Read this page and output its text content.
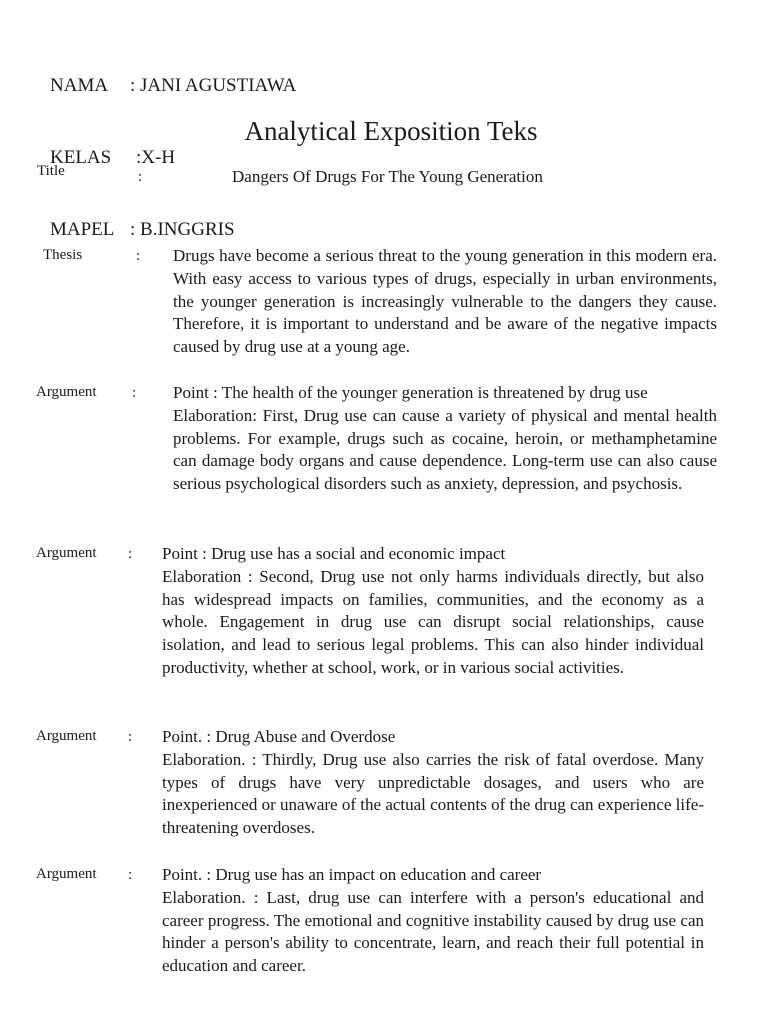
NAMA : JANI AGUSTIAWA

KELAS :X-H

MAPEL : B.INGGRIS

Analytical Exposition Teks
Title	:	Dangers Of Drugs For The Young Generation
Thesis	: Drugs have become a serious threat to the young generation in this modern era. With easy access to various types of drugs, especially in urban environments, the younger generation is increasingly vulnerable to the dangers they cause. Therefore, it is important to understand and be aware of the negative impacts caused by drug use at a young age.
Argument : Point : The health of the younger generation is threatened by drug use
Elaboration: First, Drug use can cause a variety of physical and mental health problems. For example, drugs such as cocaine, heroin, or methamphetamine can damage body organs and cause dependence. Long-term use can also cause serious psychological disorders such as anxiety, depression, and psychosis.
Argument : Point : Drug use has a social and economic impact
Elaboration : Second, Drug use not only harms individuals directly, but also has widespread impacts on families, communities, and the economy as a whole. Engagement in drug use can disrupt social relationships, cause isolation, and lead to serious legal problems. This can also hinder individual productivity, whether at school, work, or in various social activities.
Argument : Point. : Drug Abuse and Overdose
Elaboration. : Thirdly, Drug use also carries the risk of fatal overdose. Many types of drugs have very unpredictable dosages, and users who are inexperienced or unaware of the actual contents of the drug can experience life-threatening overdoses.
Argument : Point. : Drug use has an impact on education and career
Elaboration. : Last, drug use can interfere with a person's educational and career progress. The emotional and cognitive instability caused by drug use can hinder a person's ability to concentrate, learn, and reach their full potential in education and career.
